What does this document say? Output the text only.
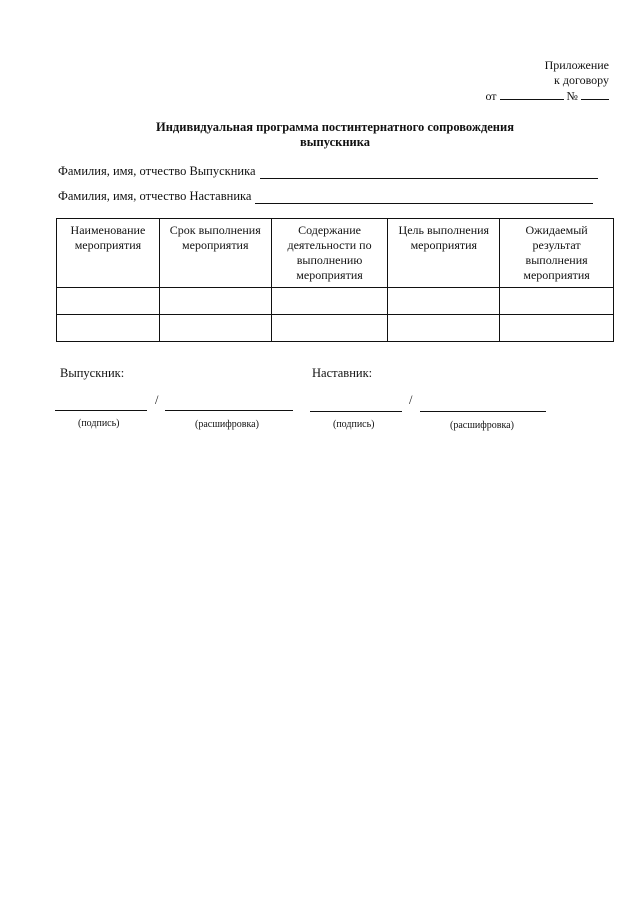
Приложение
к договору
от	№
Индивидуальная программа постинтернатного сопровождения
выпускника
Фамилия, имя, отчество Выпускника
Фамилия, имя, отчество Наставника
Наименование мероприятия	Срок выполнения мероприятия	Содержание деятельности по выполнению мероприятия	Цель выполнения мероприятия	Ожидаемый результат выполнения мероприятия

Выпускник:
/
(подпись)	(расшифровка)
Наставник:
/
(подпись)	(расшифровка)
